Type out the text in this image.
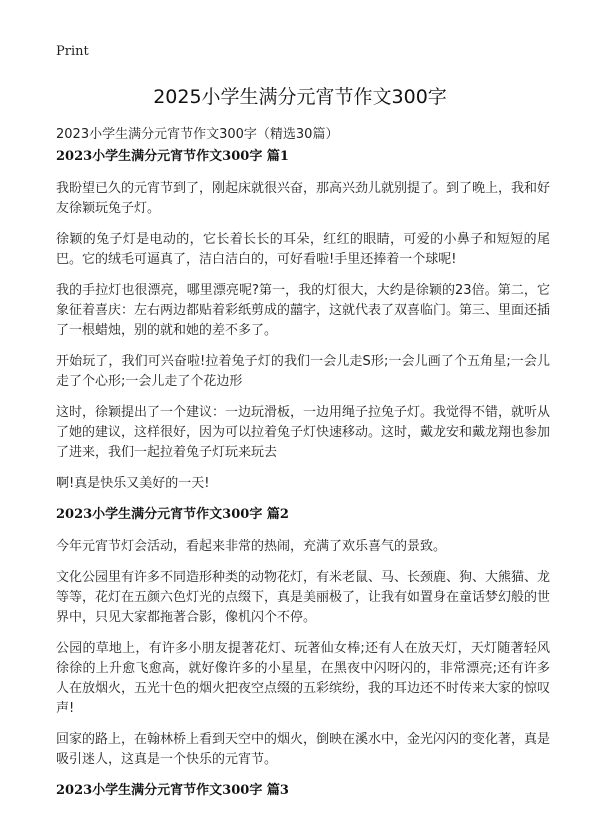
Print
2025小学生满分元宵节作文300字
2023小学生满分元宵节作文300字（精选30篇）
2023小学生满分元宵节作文300字 篇1

我盼望已久的元宵节到了，刚起床就很兴奋，那高兴劲儿就别提了。到了晚上，我和好友徐颖玩兔子灯。

徐颖的兔子灯是电动的，它长着长长的耳朵，红红的眼睛，可爱的小鼻子和短短的尾巴。它的绒毛可逼真了，洁白洁白的，可好看啦!手里还捧着一个球呢!

我的手拉灯也很漂亮，哪里漂亮呢?第一，我的灯很大，大约是徐颖的23倍。第二，它象征着喜庆：左右两边都贴着彩纸剪成的囍字，这就代表了双喜临门。第三、里面还插了一根蜡烛，别的就和她的差不多了。

开始玩了，我们可兴奋啦!拉着兔子灯的我们一会儿走S形;一会儿画了个五角星;一会儿走了个心形;一会儿走了个花边形

这时，徐颖提出了一个建议：一边玩滑板，一边用绳子拉兔子灯。我觉得不错，就听从了她的建议，这样很好，因为可以拉着兔子灯快速移动。这时，戴龙安和戴龙翔也参加了进来，我们一起拉着兔子灯玩来玩去

啊!真是快乐又美好的一天!

2023小学生满分元宵节作文300字 篇2

今年元宵节灯会活动，看起来非常的热闹，充满了欢乐喜气的景致。

文化公园里有许多不同造形种类的动物花灯，有米老鼠、马、长颈鹿、狗、大熊猫、龙等等，花灯在五颜六色灯光的点缀下，真是美丽极了，让我有如置身在童话梦幻般的世界中，只见大家都拖著合影，像机闪个不停。

公园的草地上，有许多小朋友提著花灯、玩著仙女棒;还有人在放天灯，天灯随著轻风徐徐的上升愈飞愈高，就好像许多的小星星，在黑夜中闪呀闪的，非常漂亮;还有许多人在放烟火，五光十色的烟火把夜空点缀的五彩缤纷，我的耳边还不时传来大家的惊叹声!

回家的路上，在翰林桥上看到天空中的烟火，倒映在溪水中，金光闪闪的变化著，真是吸引迷人，这真是一个快乐的元宵节。

2023小学生满分元宵节作文300字 篇3
